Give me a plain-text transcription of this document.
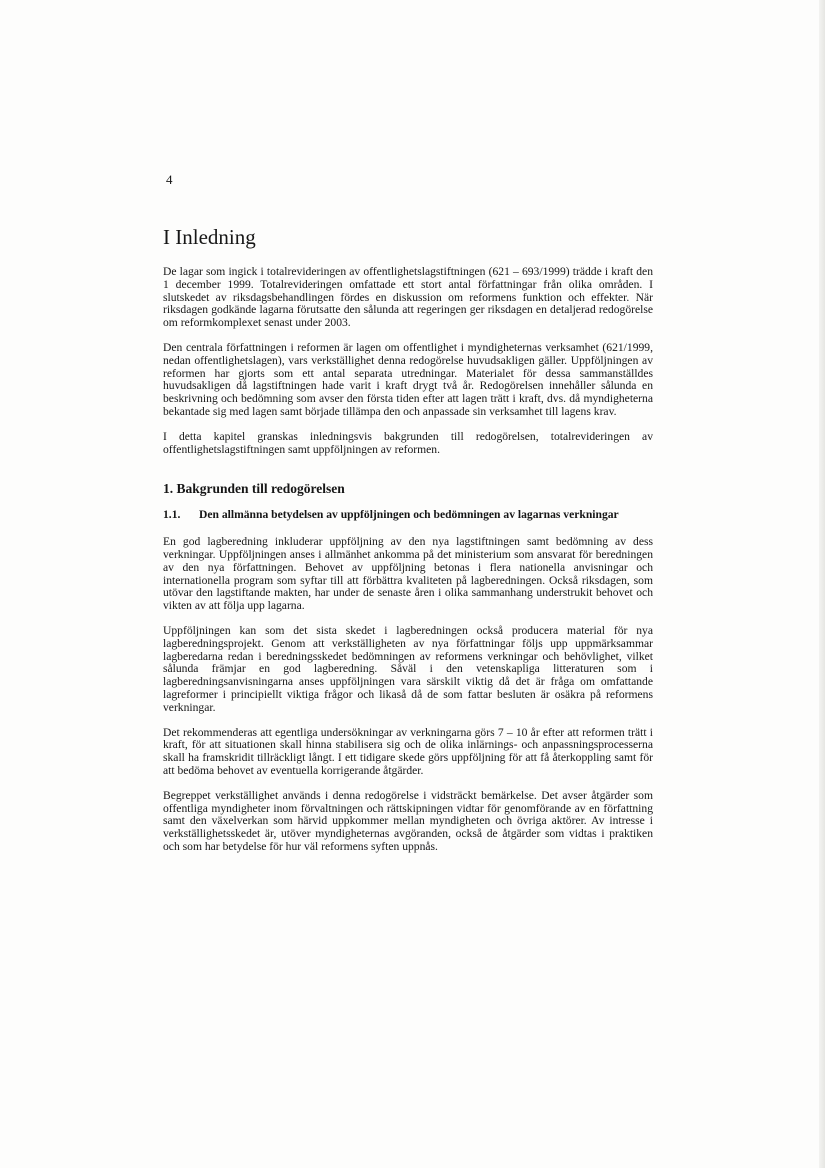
4
I Inledning

De lagar som ingick i totalrevideringen av offentlighetslagstiftningen (621 – 693/1999) trädde i kraft den 1 december 1999. Totalrevideringen omfattade ett stort antal författningar från olika områden. I slutskedet av riksdagsbehandlingen fördes en diskussion om reformens funktion och effekter. När riksdagen godkände lagarna förutsatte den sålunda att regeringen ger riksdagen en detaljerad redogörelse om reformkomplexet senast under 2003.

Den centrala författningen i reformen är lagen om offentlighet i myndigheternas verksamhet (621/1999, nedan offentlighetslagen), vars verkställighet denna redogörelse huvudsakligen gäller. Uppföljningen av reformen har gjorts som ett antal separata utredningar. Materialet för dessa sammanställdes huvudsakligen då lagstiftningen hade varit i kraft drygt två år. Redogörelsen innehåller sålunda en beskrivning och bedömning som avser den första tiden efter att lagen trätt i kraft, dvs. då myndigheterna bekantade sig med lagen samt började tillämpa den och anpassade sin verksamhet till lagens krav.

I detta kapitel granskas inledningsvis bakgrunden till redogörelsen, totalrevideringen av offentlighetslagstiftningen samt uppföljningen av reformen.

1. Bakgrunden till redogörelsen
1.1.	Den allmänna betydelsen av uppföljningen och bedömningen av lagarnas verkningar

En god lagberedning inkluderar uppföljning av den nya lagstiftningen samt bedömning av dess verkningar. Uppföljningen anses i allmänhet ankomma på det ministerium som ansvarat för beredningen av den nya författningen. Behovet av uppföljning betonas i flera nationella anvisningar och internationella program som syftar till att förbättra kvaliteten på lagberedningen. Också riksdagen, som utövar den lagstiftande makten, har under de senaste åren i olika sammanhang understrukit behovet och vikten av att följa upp lagarna.

Uppföljningen kan som det sista skedet i lagberedningen också producera material för nya lagberedningsprojekt. Genom att verkställigheten av nya författningar följs upp uppmärksammar lagberedarna redan i beredningsskedet bedömningen av reformens verkningar och behövlighet, vilket sålunda främjar en god lagberedning. Såväl i den vetenskapliga litteraturen som i lagberedningsanvisningarna anses uppföljningen vara särskilt viktig då det är fråga om omfattande lagreformer i principiellt viktiga frågor och likaså då de som fattar besluten är osäkra på reformens verkningar.

Det rekommenderas att egentliga undersökningar av verkningarna görs 7 – 10 år efter att reformen trätt i kraft, för att situationen skall hinna stabilisera sig och de olika inlärnings- och anpassningsprocesserna skall ha framskridit tillräckligt långt. I ett tidigare skede görs uppföljning för att få återkoppling samt för att bedöma behovet av eventuella korrigerande åtgärder.

Begreppet verkställighet används i denna redogörelse i vidsträckt bemärkelse. Det avser åtgärder som offentliga myndigheter inom förvaltningen och rättskipningen vidtar för genomförande av en författning samt den växelverkan som härvid uppkommer mellan myndigheten och övriga aktörer. Av intresse i verkställighetsskedet är, utöver myndigheternas avgöranden, också de åtgärder som vidtas i praktiken och som har betydelse för hur väl reformens syften uppnås.
